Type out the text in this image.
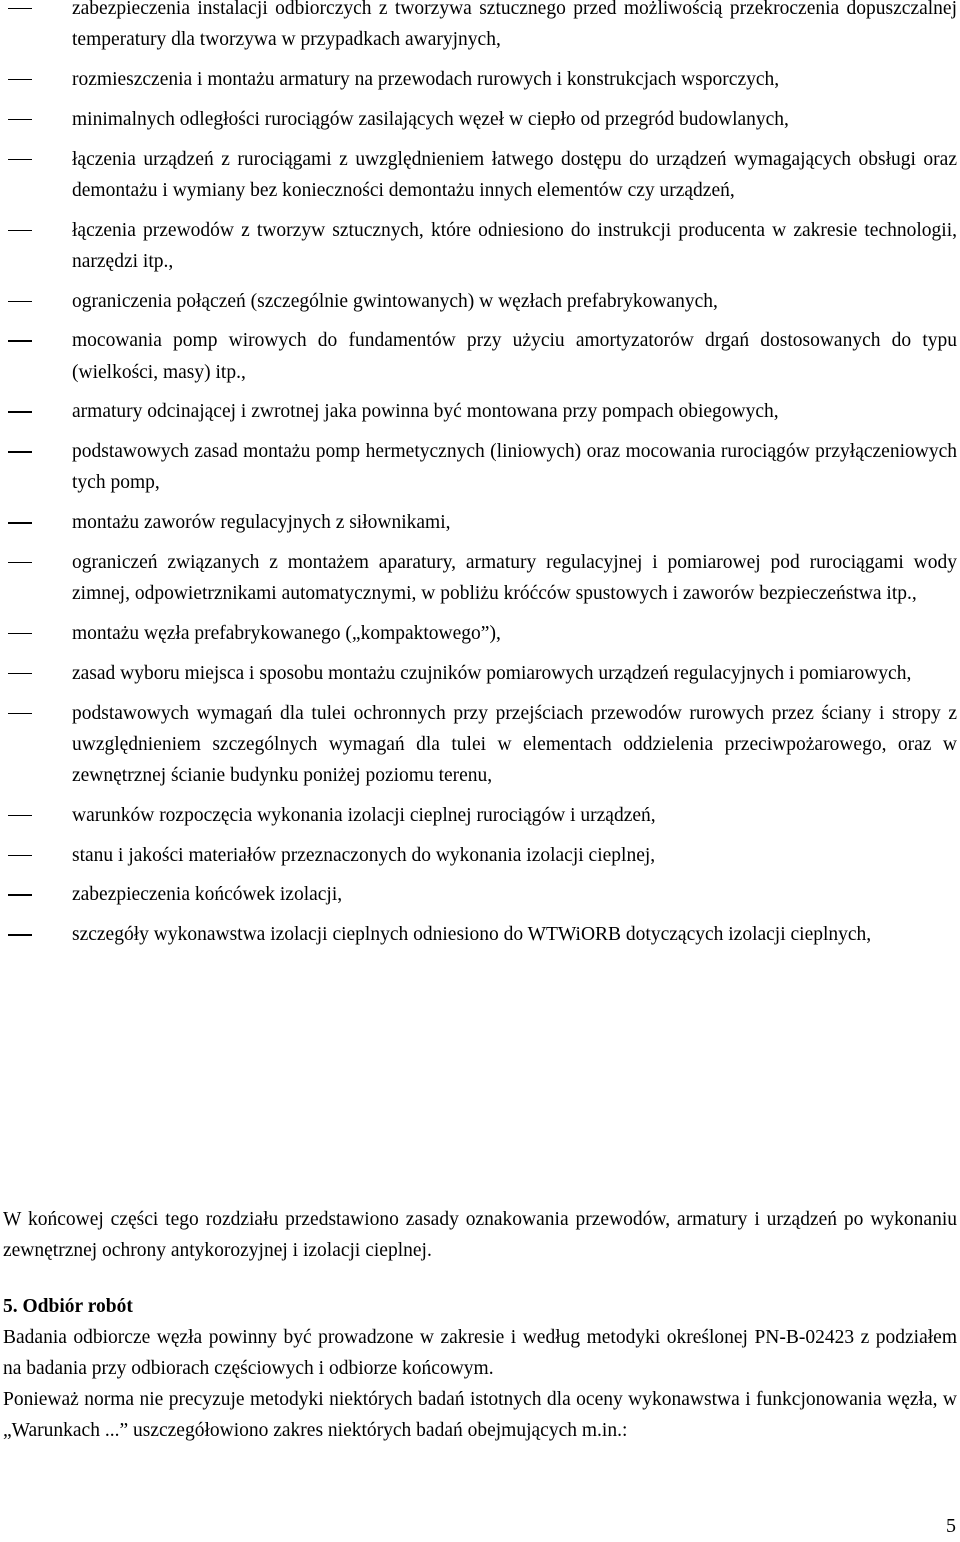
zabezpieczenia instalacji odbiorczych z tworzywa sztucznego przed możliwością przekroczenia dopuszczalnej temperatury dla tworzywa w przypadkach awaryjnych,
rozmieszczenia i montażu armatury na przewodach rurowych i konstrukcjach wsporczych,
minimalnych odległości rurociągów zasilających węzeł w ciepło od przegród budowlanych,
łączenia urządzeń z rurociągami z uwzględnieniem łatwego dostępu do urządzeń wymagających obsługi oraz demontażu i wymiany bez konieczności demontażu innych elementów czy urządzeń,
łączenia przewodów z tworzyw sztucznych, które odniesiono do instrukcji producenta w zakresie technologii, narzędzi itp.,
ograniczenia połączeń (szczególnie gwintowanych) w węzłach prefabrykowanych,
mocowania pomp wirowych do fundamentów przy użyciu amortyzatorów drgań dostosowanych do typu (wielkości, masy) itp.,
armatury odcinającej i zwrotnej jaka powinna być montowana przy pompach obiegowych,
podstawowych zasad montażu pomp hermetycznych (liniowych) oraz mocowania rurociągów przyłączeniowych tych pomp,
montażu zaworów regulacyjnych z siłownikami,
ograniczeń związanych z montażem aparatury, armatury regulacyjnej i pomiarowej pod rurociągami wody zimnej, odpowietrznikami automatycznymi, w pobliżu króćców spustowych i zaworów bezpieczeństwa itp.,
montażu węzła prefabrykowanego („kompaktowego”),
zasad wyboru miejsca i sposobu montażu czujników pomiarowych urządzeń regulacyjnych i pomiarowych,
podstawowych wymagań dla tulei ochronnych przy przejściach przewodów rurowych przez ściany i stropy z uwzględnieniem szczególnych wymagań dla tulei w elementach oddzielenia przeciwpożarowego, oraz w zewnętrznej ścianie budynku poniżej poziomu terenu,
warunków rozpoczęcia wykonania izolacji cieplnej rurociągów i urządzeń,
stanu i jakości materiałów przeznaczonych do wykonania izolacji cieplnej,
zabezpieczenia końcówek izolacji,
szczegóły wykonawstwa izolacji cieplnych odniesiono do WTWiORB dotyczących izolacji cieplnych,

W końcowej części tego rozdziału przedstawiono zasady oznakowania przewodów, armatury i urządzeń po wykonaniu zewnętrznej ochrony antykorozyjnej i izolacji cieplnej.

5. Odbiór robót

Badania odbiorcze węzła powinny być prowadzone w zakresie i według metodyki określonej PN-B-02423 z podziałem na badania przy odbiorach częściowych i odbiorze końcowym.

Ponieważ norma nie precyzuje metodyki niektórych badań istotnych dla oceny wykonawstwa i funkcjonowania węzła, w „Warunkach ...” uszczegółowiono zakres niektórych badań obejmujących m.in.:

5
